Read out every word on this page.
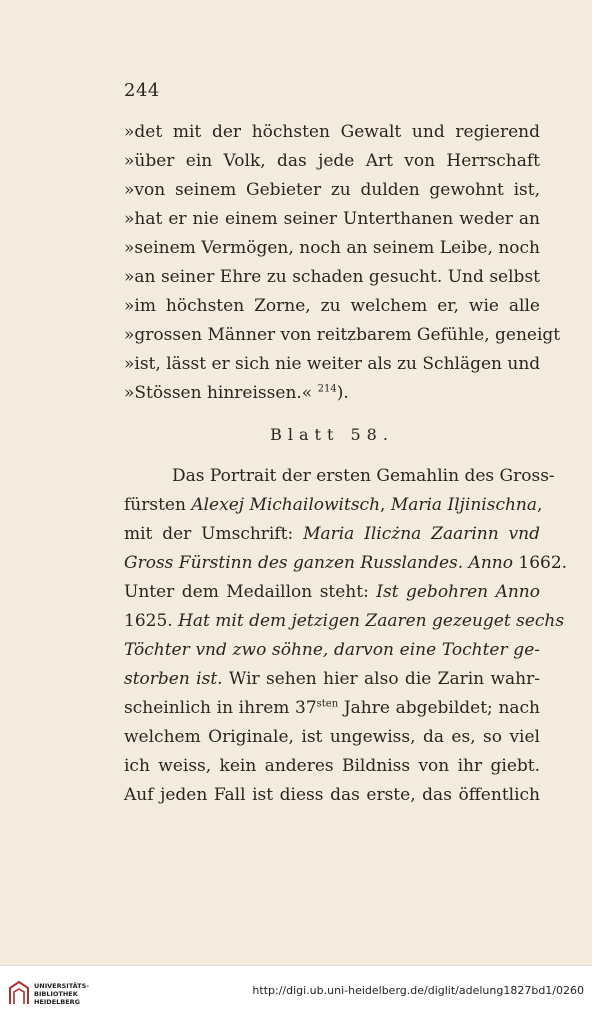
244
»det mit der höchsten Gewalt und regierend
»über ein Volk, das jede Art von Herrschaft
»von seinem Gebieter zu dulden gewohnt ist,
»hat er nie einem seiner Unterthanen weder an
»seinem Vermögen, noch an seinem Leibe, noch
»an seiner Ehre zu schaden gesucht. Und selbst
»im höchsten Zorne, zu welchem er, wie alle
»grossen Männer von reitzbarem Gefühle, geneigt
»ist, lässt er sich nie weiter als zu Schlägen und
»Stössen hinreissen.« $^{214}$).
Blatt 58.
Das Portrait der ersten Gemahlin des Gross-
fürsten Alexej Michailowitsch, Maria Iljinischna,
mit der Umschrift: Maria Ilicżna Zaarinn vnd
Gross Fürstinn des ganzen Russlandes. Anno 1662.
Unter dem Medaillon steht: Ist gebohren Anno
1625. Hat mit dem jetzigen Zaaren gezeuget sechs
Töchter vnd zwo söhne, darvon eine Tochter ge-
storben ist. Wir sehen hier also die Zarin wahr-
scheinlich in ihrem $37^{sten}$ Jahre abgebildet; nach
welchem Originale, ist ungewiss, da es, so viel
ich weiss, kein anderes Bildniss von ihr giebt.
Auf jeden Fall ist diess das erste, das öffentlich
UNIVERSITÄTS-
BIBLIOTHEK
HEIDELBERG
http://digi.ub.uni-heidelberg.de/diglit/adelung1827bd1/0260
